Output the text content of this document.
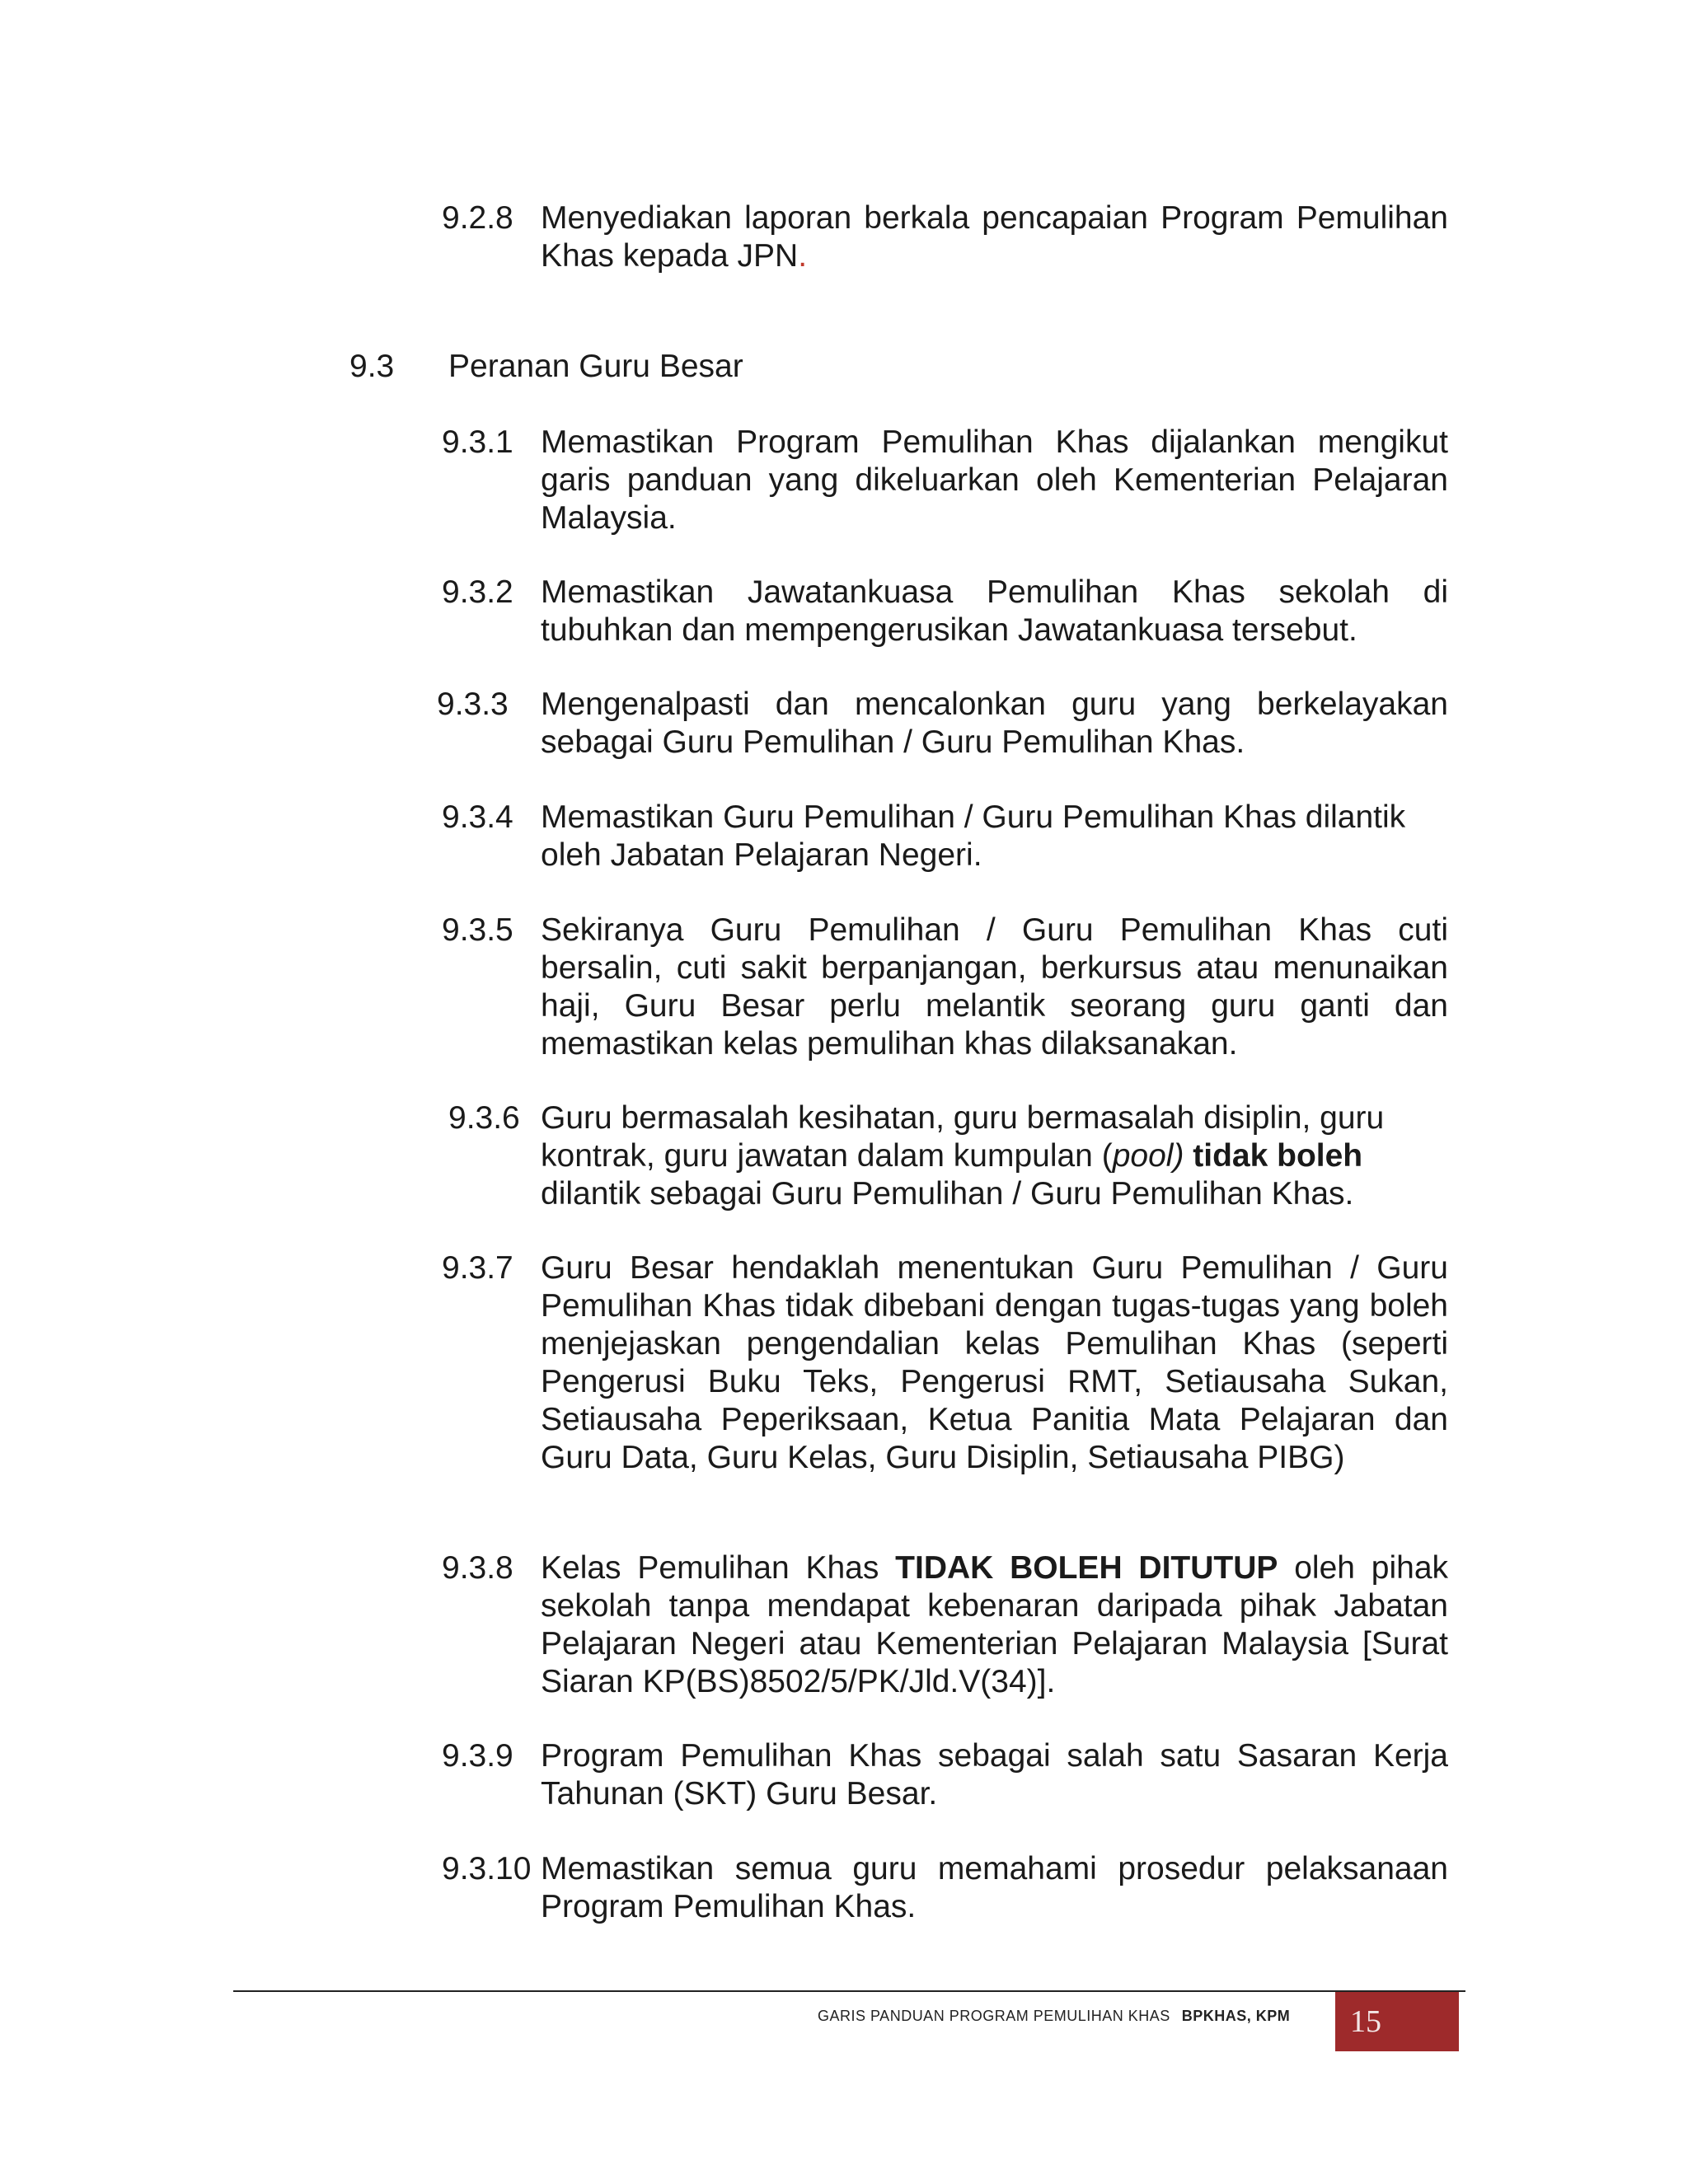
9.2.8 Menyediakan laporan berkala pencapaian Program Pemulihan Khas kepada JPN.
9.3 Peranan Guru Besar
9.3.1 Memastikan Program Pemulihan Khas dijalankan mengikut garis panduan yang dikeluarkan oleh Kementerian Pelajaran Malaysia.
9.3.2 Memastikan Jawatankuasa Pemulihan Khas sekolah di tubuhkan dan mempengerusikan Jawatankuasa tersebut.
9.3.3 Mengenalpasti dan mencalonkan guru yang berkelayakan sebagai Guru Pemulihan / Guru Pemulihan Khas.
9.3.4 Memastikan Guru Pemulihan / Guru Pemulihan Khas dilantik oleh Jabatan Pelajaran Negeri.
9.3.5 Sekiranya Guru Pemulihan / Guru Pemulihan Khas cuti bersalin, cuti sakit berpanjangan, berkursus atau menunaikan haji, Guru Besar perlu melantik seorang guru ganti dan memastikan kelas pemulihan khas dilaksanakan.
9.3.6 Guru bermasalah kesihatan, guru bermasalah disiplin, guru kontrak, guru jawatan dalam kumpulan (pool) tidak boleh dilantik sebagai Guru Pemulihan / Guru Pemulihan Khas.
9.3.7 Guru Besar hendaklah menentukan Guru Pemulihan / Guru Pemulihan Khas tidak dibebani dengan tugas-tugas yang boleh menjejaskan pengendalian kelas Pemulihan Khas (seperti Pengerusi Buku Teks, Pengerusi RMT, Setiausaha Sukan, Setiausaha Peperiksaan, Ketua Panitia Mata Pelajaran dan Guru Data, Guru Kelas, Guru Disiplin, Setiausaha PIBG)
9.3.8 Kelas Pemulihan Khas TIDAK BOLEH DITUTUP oleh pihak sekolah tanpa mendapat kebenaran daripada pihak Jabatan Pelajaran Negeri atau Kementerian Pelajaran Malaysia [Surat Siaran KP(BS)8502/5/PK/Jld.V(34)].
9.3.9 Program Pemulihan Khas sebagai salah satu Sasaran Kerja Tahunan (SKT) Guru Besar.
9.3.10 Memastikan semua guru memahami prosedur pelaksanaan Program Pemulihan Khas.
GARIS PANDUAN PROGRAM PEMULIHAN KHAS BPKHAS, KPM 15
